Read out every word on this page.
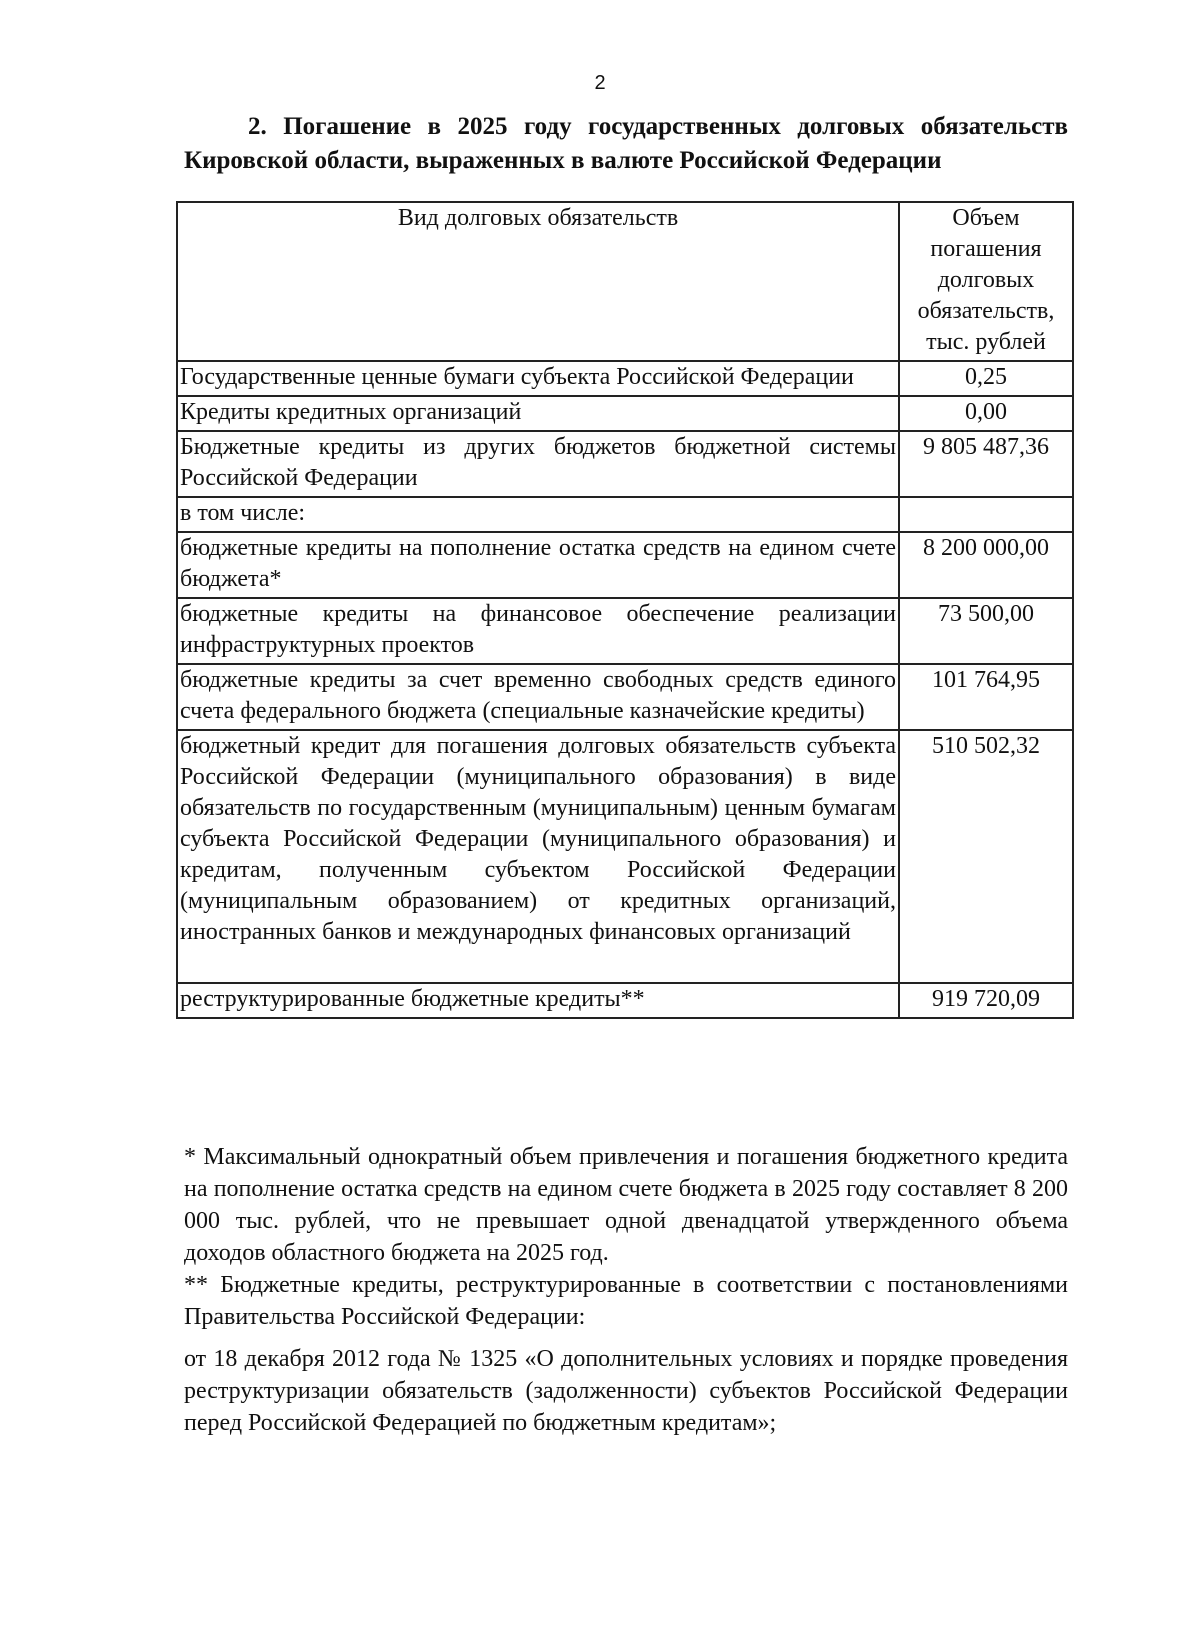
2
2. Погашение в 2025 году государственных долговых обязательств Кировской области, выраженных в валюте Российской Федерации
Вид долговых обязательств	Объем погашения долговых обязательств, тыс. рублей
Государственные ценные бумаги субъекта Российской Федерации	0,25
Кредиты кредитных организаций	0,00
Бюджетные кредиты из других бюджетов бюджетной системы Российской Федерации	9 805 487,36
в том числе:	
бюджетные кредиты на пополнение остатка средств на едином счете бюджета*	8 200 000,00
бюджетные кредиты на финансовое обеспечение реализации инфраструктурных проектов	73 500,00
бюджетные кредиты за счет временно свободных средств единого счета федерального бюджета (специальные казначейские кредиты)	101 764,95
бюджетный кредит для погашения долговых обязательств субъекта Российской Федерации (муниципального образования) в виде обязательств по государственным (муниципальным) ценным бумагам субъекта Российской Федерации (муниципального образования) и кредитам, полученным субъектом Российской Федерации (муниципальным образованием) от кредитных организаций, иностранных банков и международных финансовых организаций	510 502,32
реструктурированные бюджетные кредиты**	919 720,09

* Максимальный однократный объем привлечения и погашения бюджетного кредита на пополнение остатка средств на едином счете бюджета в 2025 году составляет 8 200 000 тыс. рублей, что не превышает одной двенадцатой утвержденного объема доходов областного бюджета на 2025 год.

** Бюджетные кредиты, реструктурированные в соответствии с постановлениями Правительства Российской Федерации:

от 18 декабря 2012 года № 1325 «О дополнительных условиях и порядке проведения реструктуризации обязательств (задолженности) субъектов Российской Федерации перед Российской Федерацией по бюджетным кредитам»;
